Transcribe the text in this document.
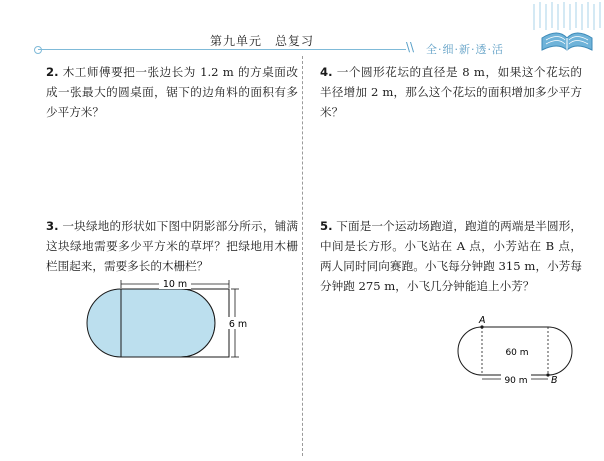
第九单元　总复习	\\ 全·细·新·透·活
2. 木工师傅要把一张边长为 1.2 m 的方桌面改成一张最大的圆桌面，锯下的边角料的面积有多少平方米？
4. 一个圆形花坛的直径是 8 m，如果这个花坛的半径增加 2 m，那么这个花坛的面积增加多少平方米？
3. 一块绿地的形状如下图中阴影部分所示，铺满这块绿地需要多少平方米的草坪？把绿地用木栅栏围起来，需要多长的木栅栏？
5. 下面是一个运动场跑道，跑道的两端是半圆形，中间是长方形。小飞站在 A 点，小芳站在 B 点，两人同时同向赛跑。小飞每分钟跑 315 m，小芳每分钟跑 275 m，小飞几分钟能追上小芳？
10 m
6 m	A
B
60 m
90 m
